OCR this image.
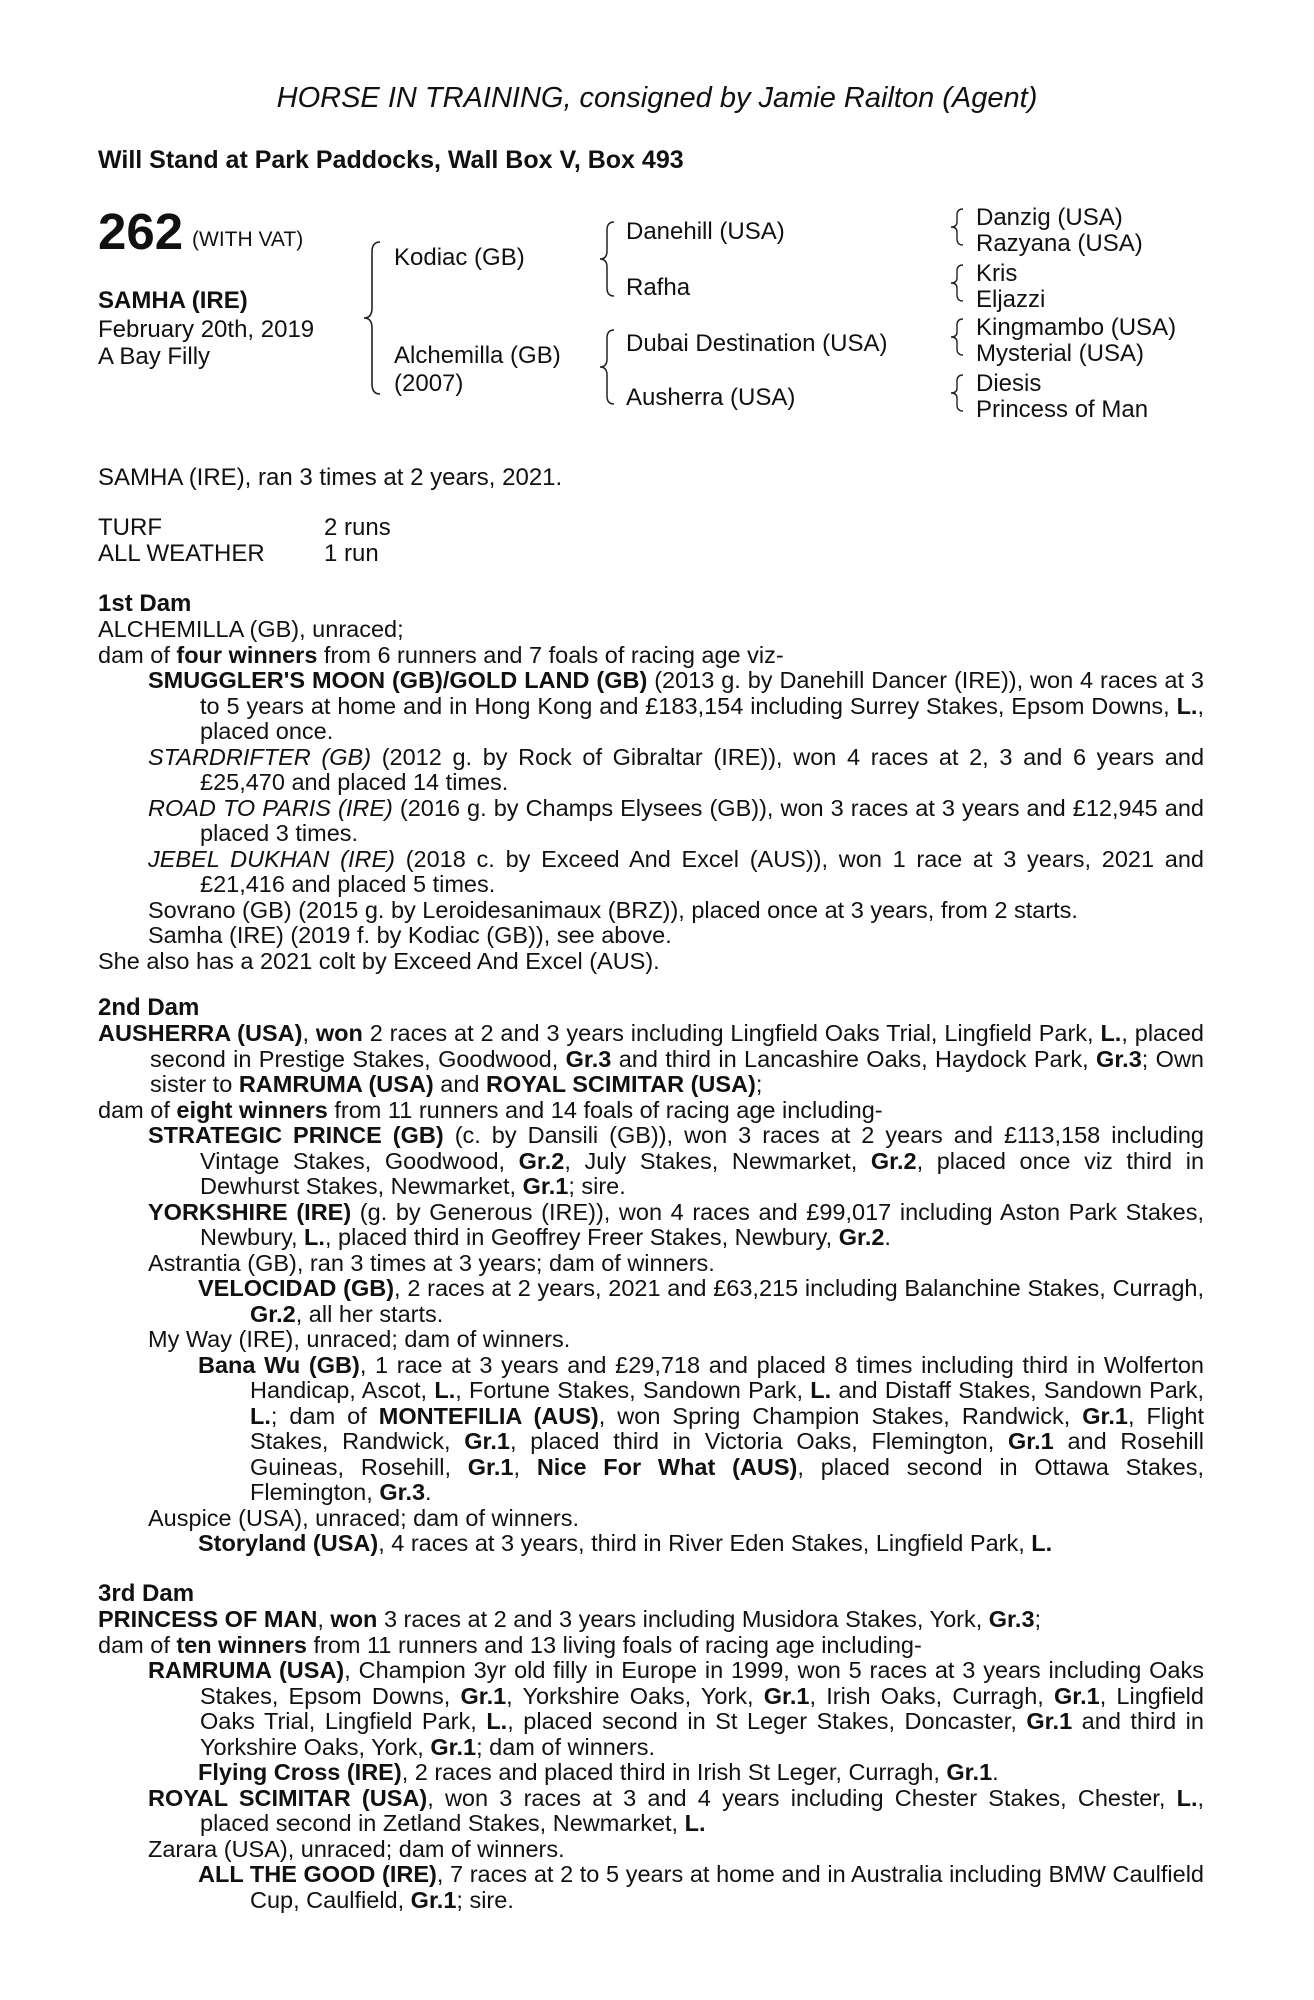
HORSE IN TRAINING, consigned by Jamie Railton (Agent)
Will Stand at Park Paddocks, Wall Box V, Box 493
262 (WITH VAT)
SAMHA (IRE)
February 20th, 2019
A Bay Filly
Kodiac (GB)
Alchemilla (GB)
(2007)
Danehill (USA)
Rafha
Dubai Destination (USA)
Ausherra (USA)
Danzig (USA)
Razyana (USA)
Kris
Eljazzi
Kingmambo (USA)
Mysterial (USA)
Diesis
Princess of Man
SAMHA (IRE), ran 3 times at 2 years, 2021.
TURF	2 runs
ALL WEATHER 1 run
1st Dam

ALCHEMILLA (GB), unraced;

dam of four winners from 6 runners and 7 foals of racing age viz-

SMUGGLER'S MOON (GB)/GOLD LAND (GB) (2013 g. by Danehill Dancer (IRE)), won 4 races at 3 to 5 years at home and in Hong Kong and £183,154 including Surrey Stakes, Epsom Downs, L., placed once.

STARDRIFTER (GB) (2012 g. by Rock of Gibraltar (IRE)), won 4 races at 2, 3 and 6 years and £25,470 and placed 14 times.

ROAD TO PARIS (IRE) (2016 g. by Champs Elysees (GB)), won 3 races at 3 years and £12,945 and placed 3 times.

JEBEL DUKHAN (IRE) (2018 c. by Exceed And Excel (AUS)), won 1 race at 3 years, 2021 and £21,416 and placed 5 times.

Sovrano (GB) (2015 g. by Leroidesanimaux (BRZ)), placed once at 3 years, from 2 starts.

Samha (IRE) (2019 f. by Kodiac (GB)), see above.

She also has a 2021 colt by Exceed And Excel (AUS).

2nd Dam

AUSHERRA (USA), won 2 races at 2 and 3 years including Lingfield Oaks Trial, Lingfield Park, L., placed second in Prestige Stakes, Goodwood, Gr.3 and third in Lancashire Oaks, Haydock Park, Gr.3; Own sister to RAMRUMA (USA) and ROYAL SCIMITAR (USA);

dam of eight winners from 11 runners and 14 foals of racing age including-

STRATEGIC PRINCE (GB) (c. by Dansili (GB)), won 3 races at 2 years and £113,158 including Vintage Stakes, Goodwood, Gr.2, July Stakes, Newmarket, Gr.2, placed once viz third in Dewhurst Stakes, Newmarket, Gr.1; sire.

YORKSHIRE (IRE) (g. by Generous (IRE)), won 4 races and £99,017 including Aston Park Stakes, Newbury, L., placed third in Geoffrey Freer Stakes, Newbury, Gr.2.

Astrantia (GB), ran 3 times at 3 years; dam of winners.

VELOCIDAD (GB), 2 races at 2 years, 2021 and £63,215 including Balanchine Stakes, Curragh, Gr.2, all her starts.

My Way (IRE), unraced; dam of winners.

Bana Wu (GB), 1 race at 3 years and £29,718 and placed 8 times including third in Wolferton Handicap, Ascot, L., Fortune Stakes, Sandown Park, L. and Distaff Stakes, Sandown Park, L.; dam of MONTEFILIA (AUS), won Spring Champion Stakes, Randwick, Gr.1, Flight Stakes, Randwick, Gr.1, placed third in Victoria Oaks, Flemington, Gr.1 and Rosehill Guineas, Rosehill, Gr.1, Nice For What (AUS), placed second in Ottawa Stakes, Flemington, Gr.3.

Auspice (USA), unraced; dam of winners.

Storyland (USA), 4 races at 3 years, third in River Eden Stakes, Lingfield Park, L.

3rd Dam

PRINCESS OF MAN, won 3 races at 2 and 3 years including Musidora Stakes, York, Gr.3;

dam of ten winners from 11 runners and 13 living foals of racing age including-

RAMRUMA (USA), Champion 3yr old filly in Europe in 1999, won 5 races at 3 years including Oaks Stakes, Epsom Downs, Gr.1, Yorkshire Oaks, York, Gr.1, Irish Oaks, Curragh, Gr.1, Lingfield Oaks Trial, Lingfield Park, L., placed second in St Leger Stakes, Doncaster, Gr.1 and third in Yorkshire Oaks, York, Gr.1; dam of winners.

Flying Cross (IRE), 2 races and placed third in Irish St Leger, Curragh, Gr.1.

ROYAL SCIMITAR (USA), won 3 races at 3 and 4 years including Chester Stakes, Chester, L., placed second in Zetland Stakes, Newmarket, L.

Zarara (USA), unraced; dam of winners.

ALL THE GOOD (IRE), 7 races at 2 to 5 years at home and in Australia including BMW Caulfield Cup, Caulfield, Gr.1; sire.
